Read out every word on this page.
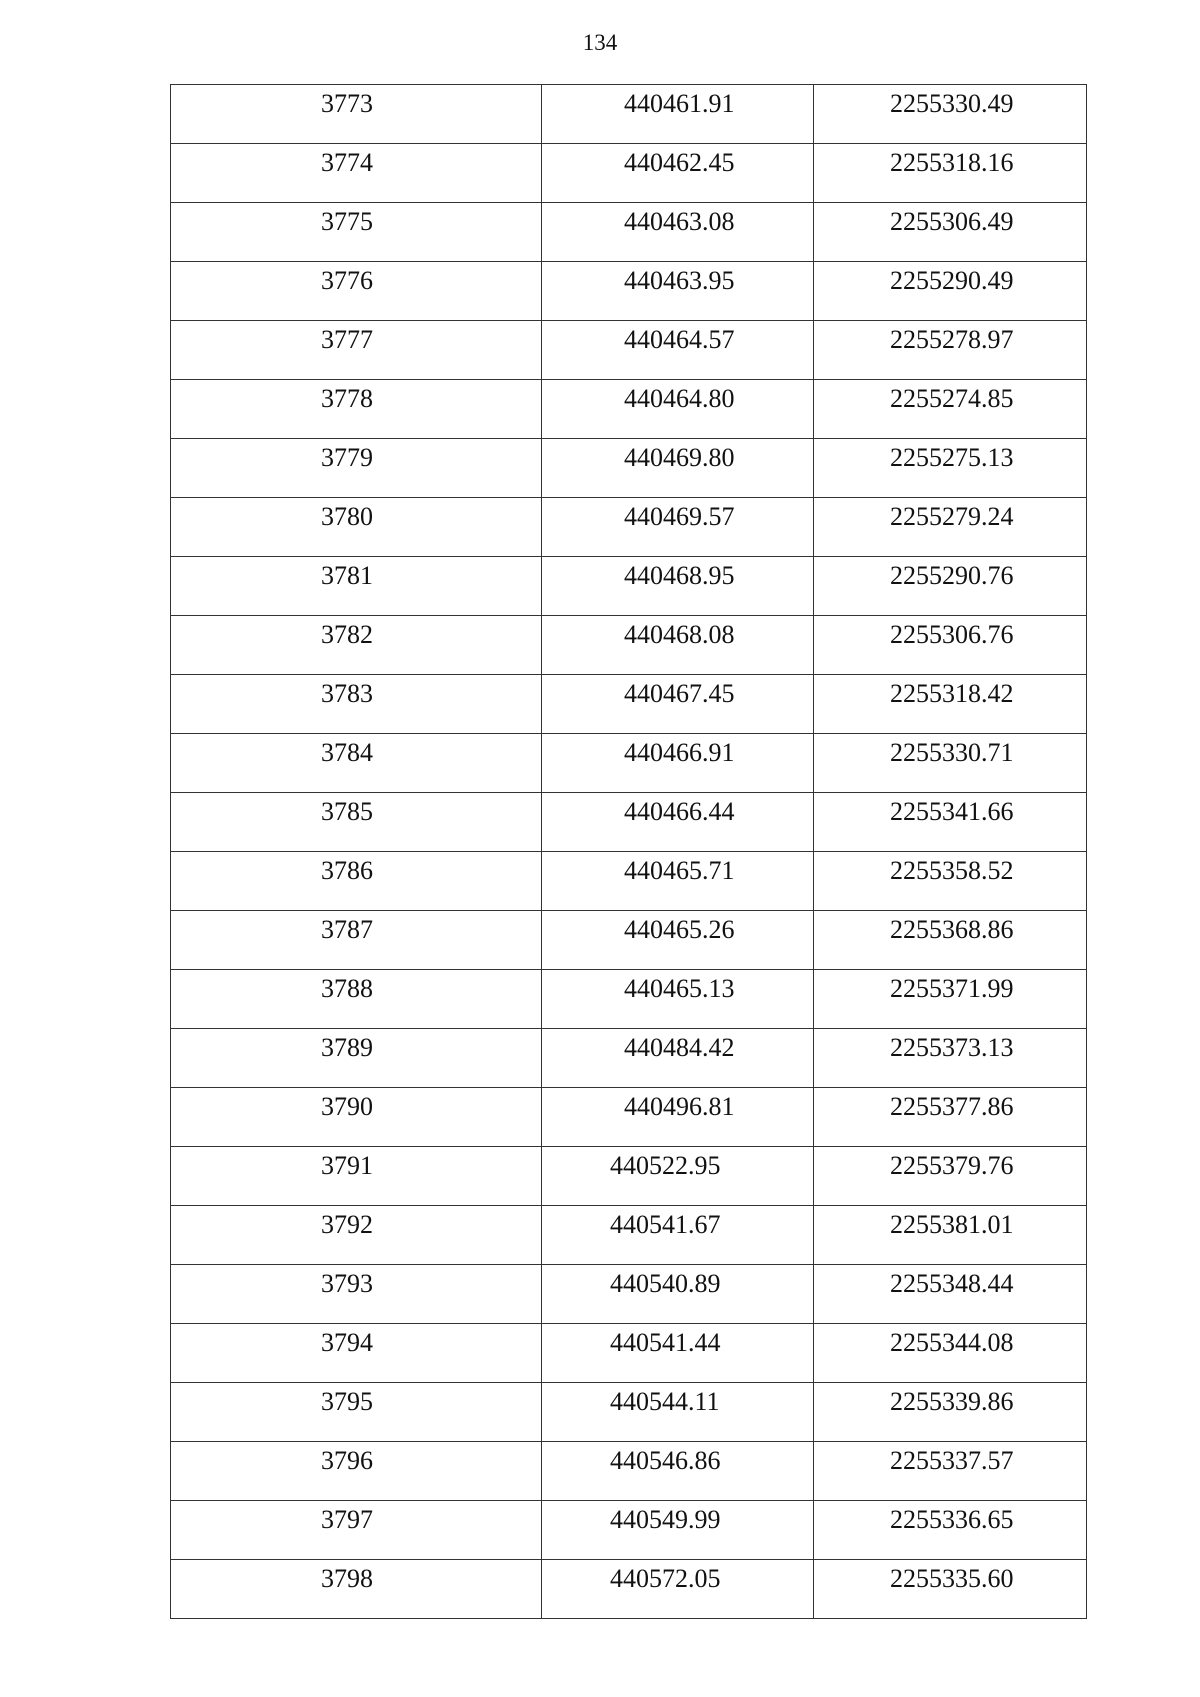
134
3773	440461.91	2255330.49
3774	440462.45	2255318.16
3775	440463.08	2255306.49
3776	440463.95	2255290.49
3777	440464.57	2255278.97
3778	440464.80	2255274.85
3779	440469.80	2255275.13
3780	440469.57	2255279.24
3781	440468.95	2255290.76
3782	440468.08	2255306.76
3783	440467.45	2255318.42
3784	440466.91	2255330.71
3785	440466.44	2255341.66
3786	440465.71	2255358.52
3787	440465.26	2255368.86
3788	440465.13	2255371.99
3789	440484.42	2255373.13
3790	440496.81	2255377.86
3791	440522.95	2255379.76
3792	440541.67	2255381.01
3793	440540.89	2255348.44
3794	440541.44	2255344.08
3795	440544.11	2255339.86
3796	440546.86	2255337.57
3797	440549.99	2255336.65
3798	440572.05	2255335.60
